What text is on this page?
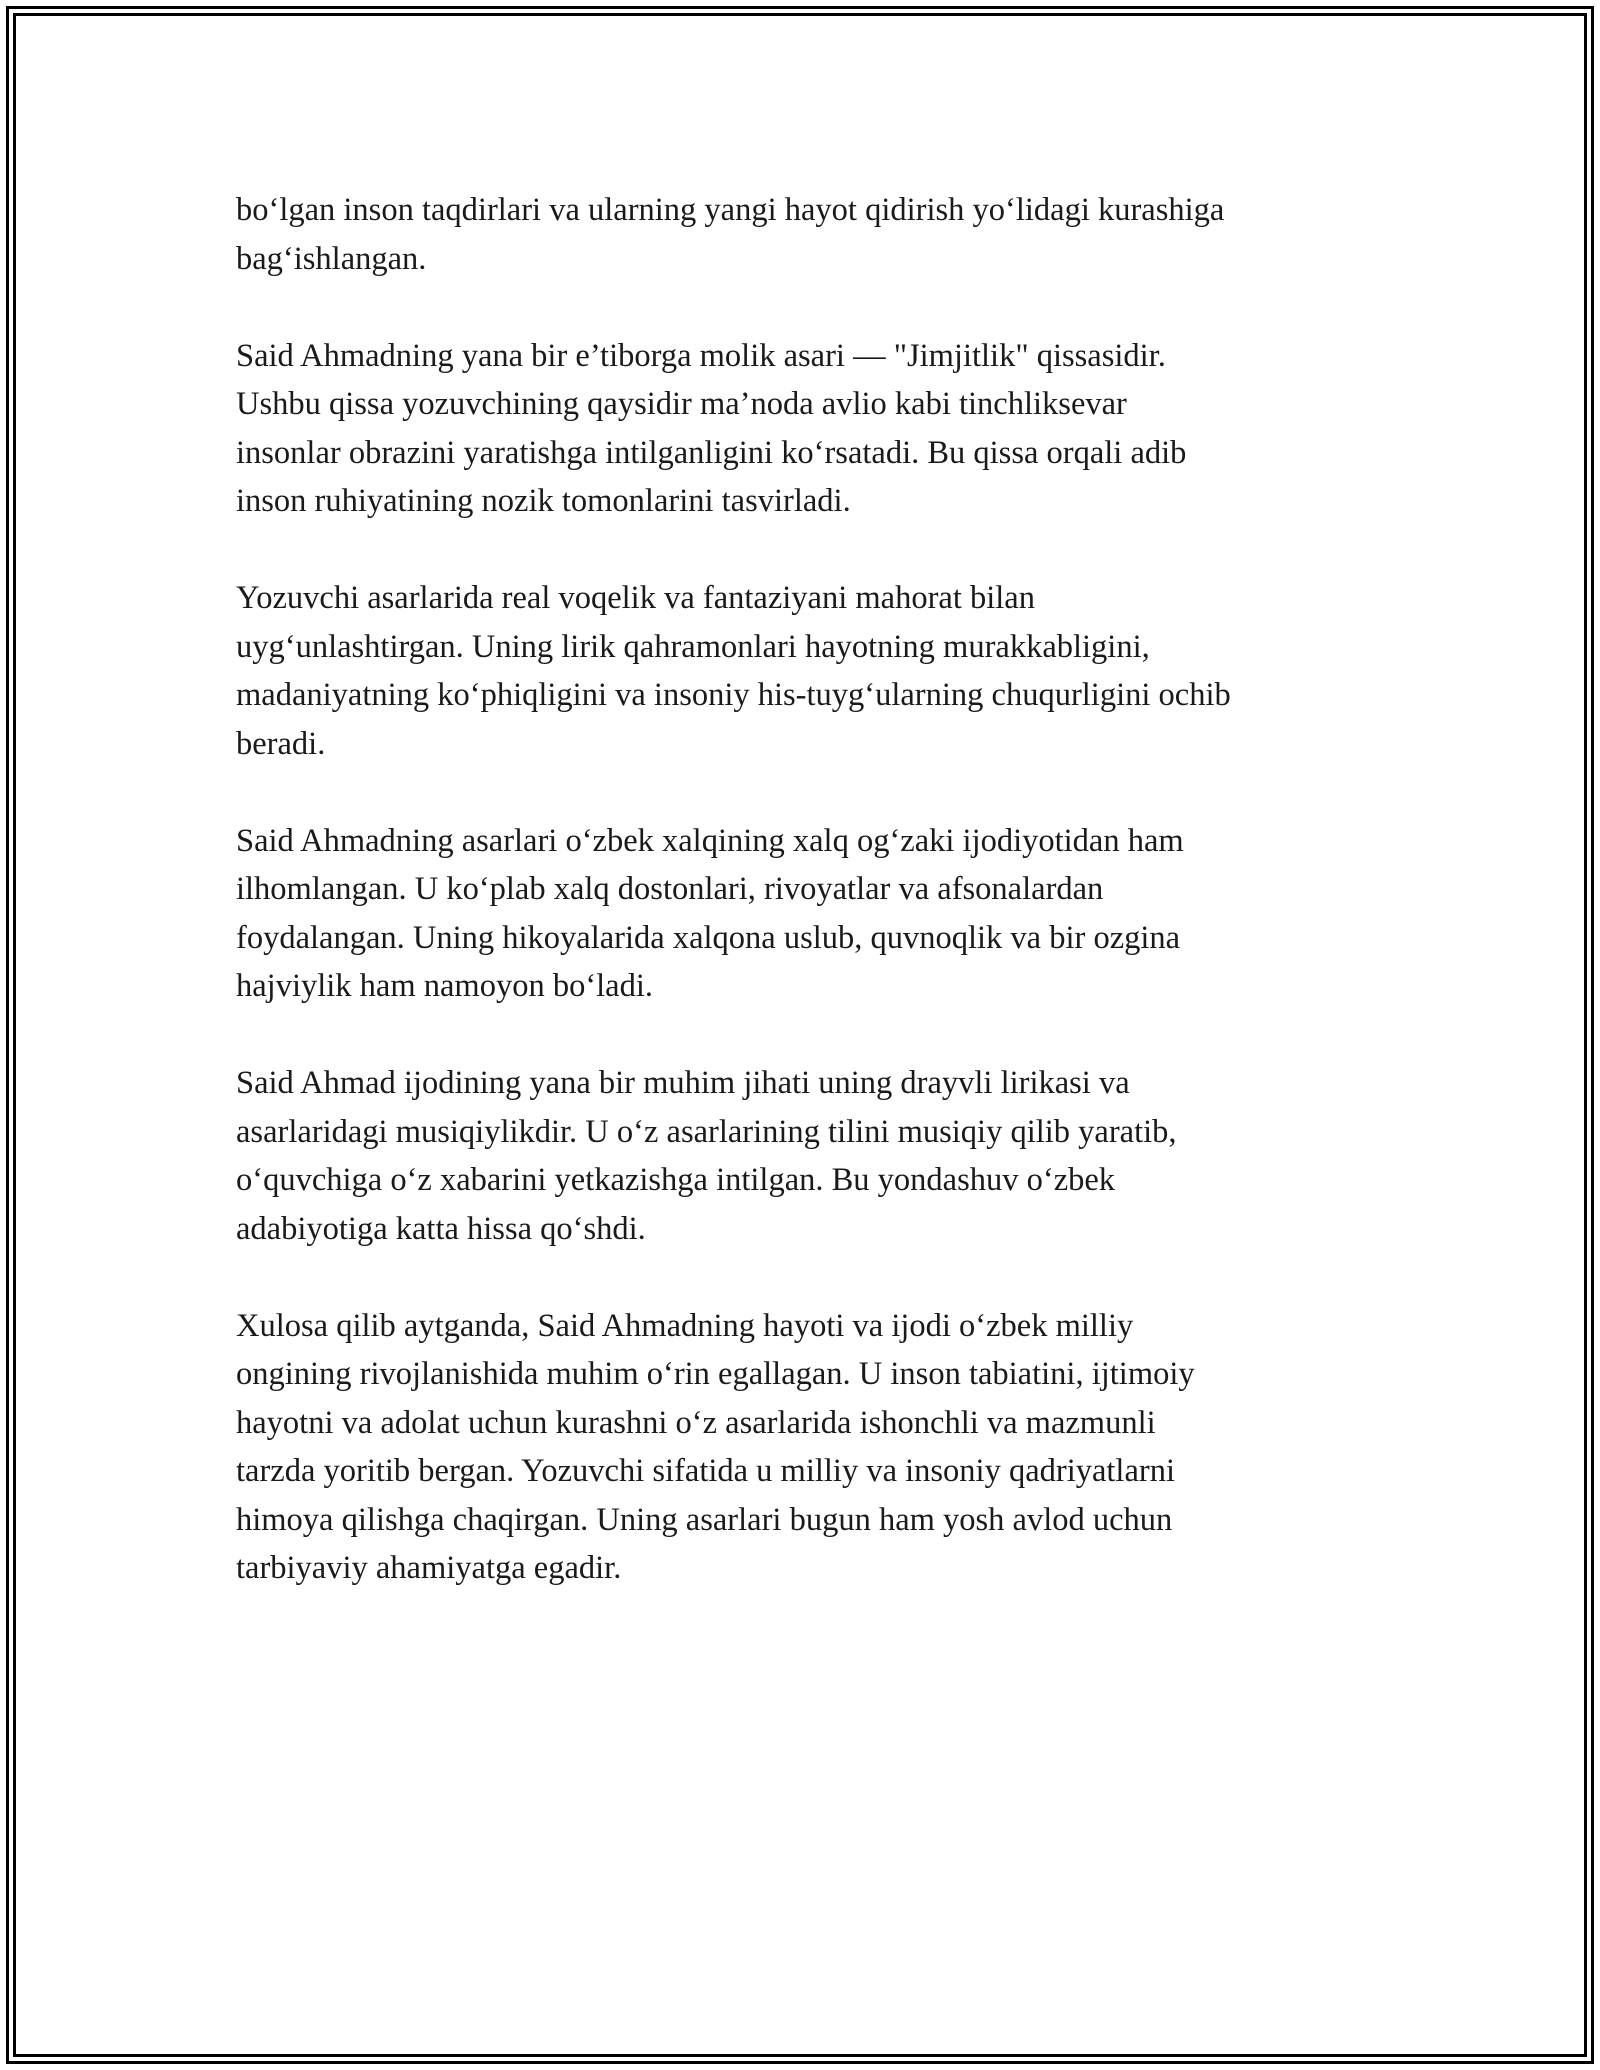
bo‘lgan inson taqdirlari va ularning yangi hayot qidirish yo‘lidagi kurashiga
bag‘ishlangan.

Said Ahmadning yana bir e’tiborga molik asari — "Jimjitlik" qissasidir.
Ushbu qissa yozuvchining qaysidir ma’noda avlio kabi tinchliksevar
insonlar obrazini yaratishga intilganligini ko‘rsatadi. Bu qissa orqali adib
inson ruhiyatining nozik tomonlarini tasvirladi.

Yozuvchi asarlarida real voqelik va fantaziyani mahorat bilan
uyg‘unlashtirgan. Uning lirik qahramonlari hayotning murakkabligini,
madaniyatning ko‘phiqligini va insoniy his-tuyg‘ularning chuqurligini ochib
beradi.

Said Ahmadning asarlari o‘zbek xalqining xalq og‘zaki ijodiyotidan ham
ilhomlangan. U ko‘plab xalq dostonlari, rivoyatlar va afsonalardan
foydalangan. Uning hikoyalarida xalqona uslub, quvnoqlik va bir ozgina
hajviylik ham namoyon bo‘ladi.

Said Ahmad ijodining yana bir muhim jihati uning drayvli lirikasi va
asarlaridagi musiqiylikdir. U o‘z asarlarining tilini musiqiy qilib yaratib,
o‘quvchiga o‘z xabarini yetkazishga intilgan. Bu yondashuv o‘zbek
adabiyotiga katta hissa qo‘shdi.

Xulosa qilib aytganda, Said Ahmadning hayoti va ijodi o‘zbek milliy
ongining rivojlanishida muhim o‘rin egallagan. U inson tabiatini, ijtimoiy
hayotni va adolat uchun kurashni o‘z asarlarida ishonchli va mazmunli
tarzda yoritib bergan. Yozuvchi sifatida u milliy va insoniy qadriyatlarni
himoya qilishga chaqirgan. Uning asarlari bugun ham yosh avlod uchun
tarbiyaviy ahamiyatga egadir.
